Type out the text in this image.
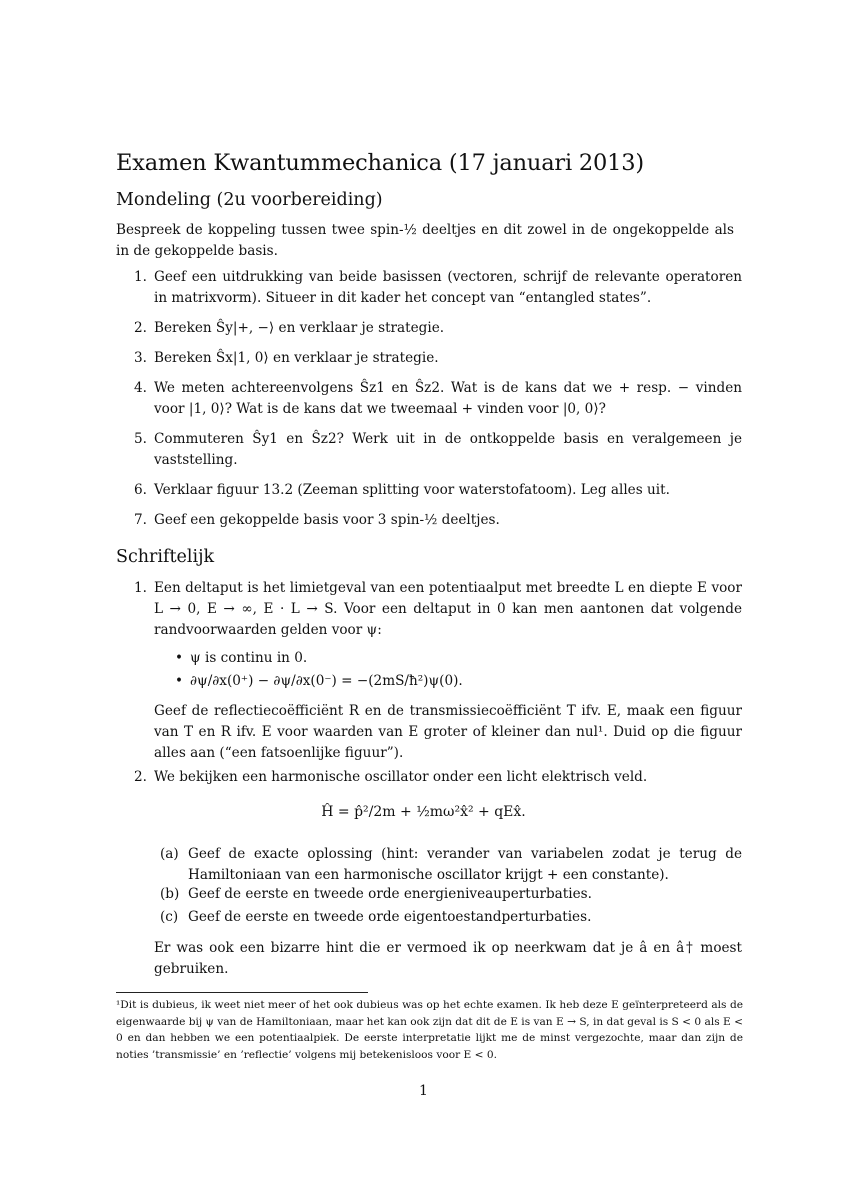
Examen Kwantummechanica (17 januari 2013)
Mondeling (2u voorbereiding)
Bespreek de koppeling tussen twee spin-½ deeltjes en dit zowel in de ongekoppelde als in de gekoppelde basis.
1. Geef een uitdrukking van beide basissen (vectoren, schrijf de relevante operatoren in matrixvorm). Situeer in dit kader het concept van “entangled states”.
2. Bereken Ŝy|+, −⟩ en verklaar je strategie.
3. Bereken Ŝx|1, 0⟩ en verklaar je strategie.
4. We meten achtereenvolgens Ŝz1 en Ŝz2. Wat is de kans dat we + resp. − vinden voor |1, 0⟩? Wat is de kans dat we tweemaal + vinden voor |0, 0⟩?
5. Commuteren Ŝy1 en Ŝz2? Werk uit in de ontkoppelde basis en veralgemeen je vaststelling.
6. Verklaar figuur 13.2 (Zeeman splitting voor waterstofatoom). Leg alles uit.
7. Geef een gekoppelde basis voor 3 spin-½ deeltjes.
Schriftelijk
1. Een deltaput is het limietgeval van een potentiaalput met breedte L en diepte E voor L → 0, E → ∞, E · L → S. Voor een deltaput in 0 kan men aantonen dat volgende randvoorwaarden gelden voor ψ:
• ψ is continu in 0.
• ∂ψ/∂x(0⁺) − ∂ψ/∂x(0⁻) = −(2mS/ħ²)ψ(0).
Geef de reflectiecoëfficiënt R en de transmissiecoëfficiënt T ifv. E, maak een figuur van T en R ifv. E voor waarden van E groter of kleiner dan nul¹. Duid op die figuur alles aan (“een fatsoenlijke figuur”).
2. We bekijken een harmonische oscillator onder een licht elektrisch veld.
Ĥ = p̂²/2m + ½mω²x̂² + qEx̂.
(a) Geef de exacte oplossing (hint: verander van variabelen zodat je terug de Hamiltoniaan van een harmonische oscillator krijgt + een constante).
(b) Geef de eerste en tweede orde energieniveauperturbaties.
(c) Geef de eerste en tweede orde eigentoestandperturbaties.
Er was ook een bizarre hint die er vermoed ik op neerkwam dat je â en â† moest gebruiken.
¹Dit is dubieus, ik weet niet meer of het ook dubieus was op het echte examen. Ik heb deze E geïnterpreteerd als de eigenwaarde bij ψ van de Hamiltoniaan, maar het kan ook zijn dat dit de E is van E → S, in dat geval is S < 0 als E < 0 en dan hebben we een potentiaalpiek. De eerste interpretatie lijkt me de minst vergezochte, maar dan zijn de noties ’transmissie’ en ’reflectie’ volgens mij betekenisloos voor E < 0.
1
